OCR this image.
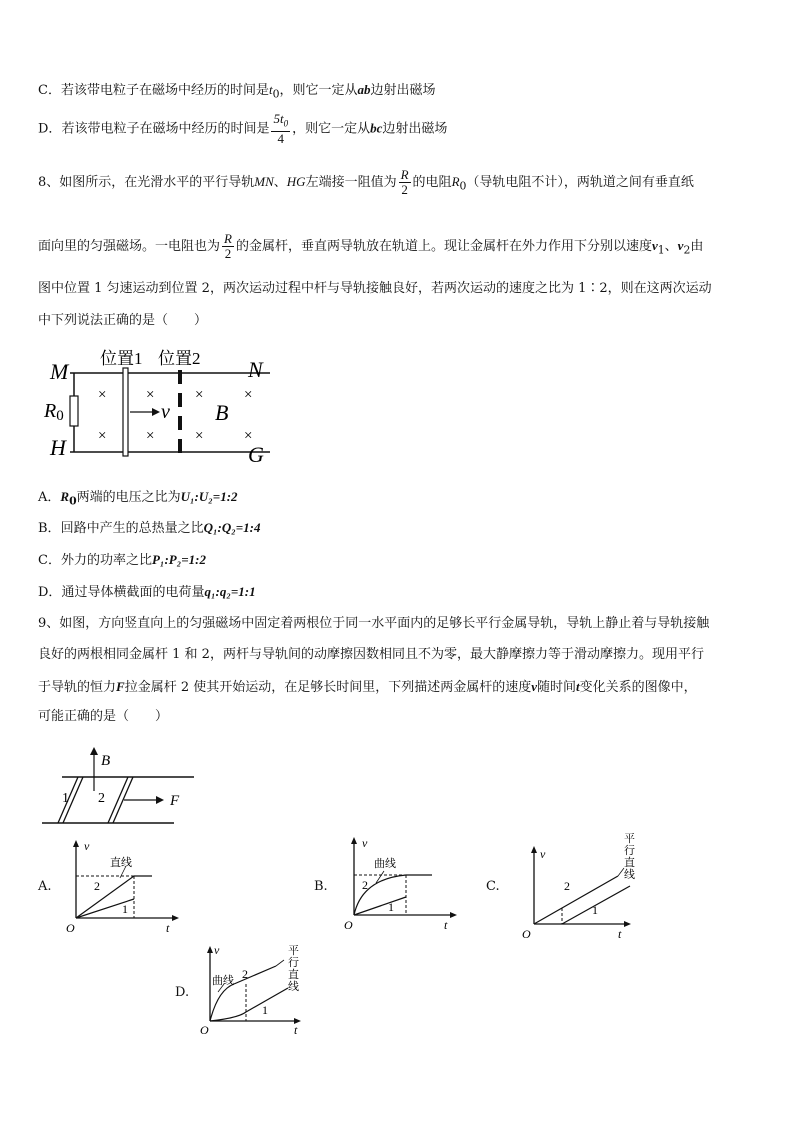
C．若该带电粒子在磁场中经历的时间是$t_0$，则它一定从ab边射出磁场
D．若该带电粒子在磁场中经历的时间是 $\frac{5t_0}{4}$ ，则它一定从bc边射出磁场
8、如图所示，在光滑水平的平行导轨MN、HG左端接一阻值为 $\frac{R}{2}$ 的电阻$R_0$（导轨电阻不计），两轨道之间有垂直纸
面向里的匀强磁场。一电阻也为 $\frac{R}{2}$ 的金属杆，垂直两导轨放在轨道上。现让金属杆在外力作用下分别以速度$v_1$、$v_2$由
图中位置 1 匀速运动到位置 2，两次运动过程中杆与导轨接触良好，若两次运动的速度之比为 1∶2，则在这两次运动
中下列说法正确的是（　　）
M	N
H	G
R0
位置1 位置2
v B
×
×
×
×
×
×
×
×
A．$R_0$两端的电压之比为U₁:U₂=1:2
B．回路中产生的总热量之比Q₁:Q₂=1:4
C．外力的功率之比P₁:P₂=1:2
D．通过导体横截面的电荷量q₁:q₂=1:1
9、如图，方向竖直向上的匀强磁场中固定着两根位于同一水平面内的足够长平行金属导轨，导轨上静止着与导轨接触
良好的两根相同金属杆 1 和 2，两杆与导轨间的动摩擦因数相同且不为零，最大静摩擦力等于滑动摩擦力。现用平行
于导轨的恒力F拉金属杆 2 使其开始运动，在足够长时间里，下列描述两金属杆的速度v随时间t变化关系的图像中，
可能正确的是（　　）
B
F
1 2
A.
v
t
O
直线
2
1
B.
v
t
O
曲线
2
1
C.
v
t
O
2
1
平
行
直
线
D.
v
t
O
曲线 2
1
平
行
直
线
